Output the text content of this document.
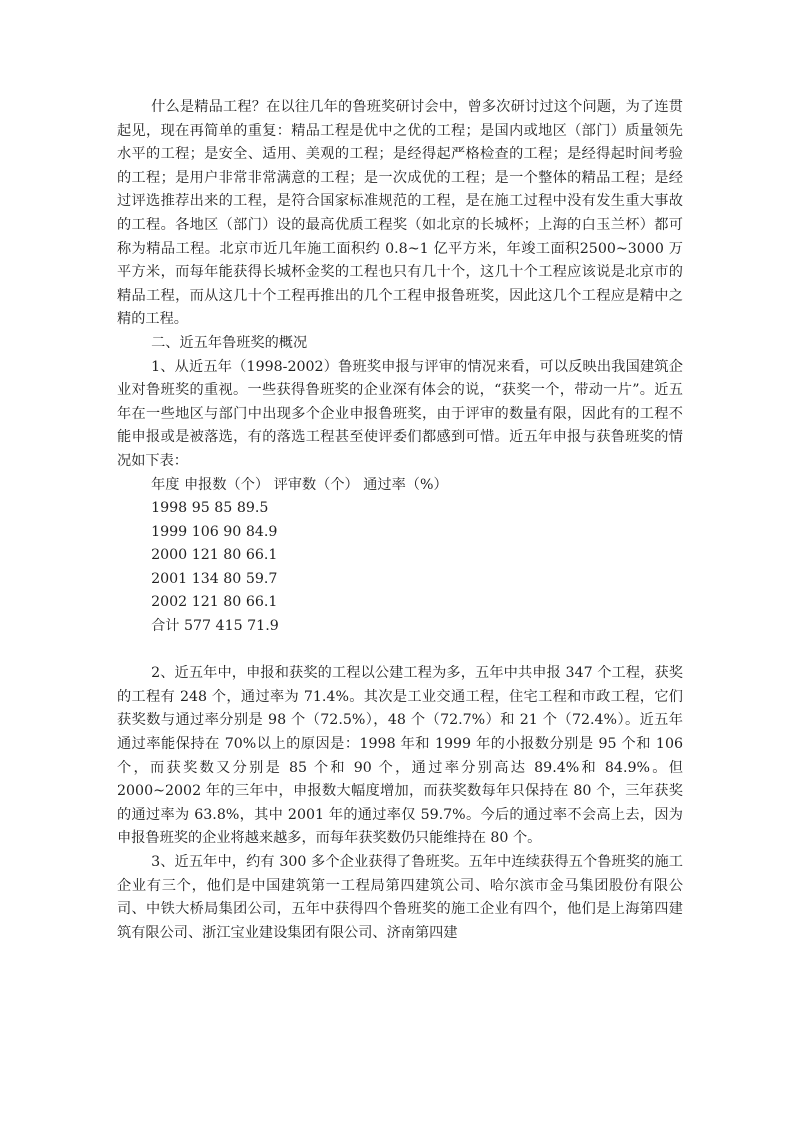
什么是精品工程？在以往几年的鲁班奖研讨会中，曾多次研讨过这个问题，为了连贯起见，现在再简单的重复：精品工程是优中之优的工程；是国内或地区（部门）质量领先水平的工程；是安全、适用、美观的工程；是经得起严格检查的工程；是经得起时间考验的工程；是用户非常非常满意的工程；是一次成优的工程；是一个整体的精品工程；是经过评选推荐出来的工程，是符合国家标准规范的工程，是在施工过程中没有发生重大事故的工程。各地区（部门）设的最高优质工程奖（如北京的长城杯；上海的白玉兰杯）都可称为精品工程。北京市近几年施工面积约 0.8~1 亿平方米，年竣工面积2500~3000 万平方米，而每年能获得长城杯金奖的工程也只有几十个，这几十个工程应该说是北京市的精品工程，而从这几十个工程再推出的几个工程申报鲁班奖，因此这几个工程应是精中之精的工程。

二、近五年鲁班奖的概况

1、从近五年（1998-2002）鲁班奖申报与评审的情况来看，可以反映出我国建筑企业对鲁班奖的重视。一些获得鲁班奖的企业深有体会的说，“获奖一个，带动一片”。近五年在一些地区与部门中出现多个企业申报鲁班奖，由于评审的数量有限，因此有的工程不能申报或是被落选，有的落选工程甚至使评委们都感到可惜。近五年申报与获鲁班奖的情况如下表：

年度 申报数（个） 评审数（个） 通过率（%）
1998 95 85 89.5
1999 106 90 84.9
2000 121 80 66.1
2001 134 80 59.7
2002 121 80 66.1
合计 577 415 71.9

2、近五年中，申报和获奖的工程以公建工程为多，五年中共申报 347 个工程，获奖的工程有 248 个，通过率为 71.4%。其次是工业交通工程，住宅工程和市政工程，它们获奖数与通过率分别是 98 个（72.5%），48 个（72.7%）和 21 个（72.4%）。近五年通过率能保持在 70%以上的原因是：1998 年和 1999 年的小报数分别是 95 个和 106 个，而获奖数又分别是 85 个和 90 个，通过率分别高达 89.4%和 84.9%。但 2000~2002 年的三年中，申报数大幅度增加，而获奖数每年只保持在 80 个，三年获奖的通过率为 63.8%，其中 2001 年的通过率仅 59.7%。今后的通过率不会高上去，因为申报鲁班奖的企业将越来越多，而每年获奖数仍只能维持在 80 个。

3、近五年中，约有 300 多个企业获得了鲁班奖。五年中连续获得五个鲁班奖的施工企业有三个，他们是中国建筑第一工程局第四建筑公司、哈尔滨市金马集团股份有限公司、中铁大桥局集团公司，五年中获得四个鲁班奖的施工企业有四个，他们是上海第四建筑有限公司、浙江宝业建设集团有限公司、济南第四建
